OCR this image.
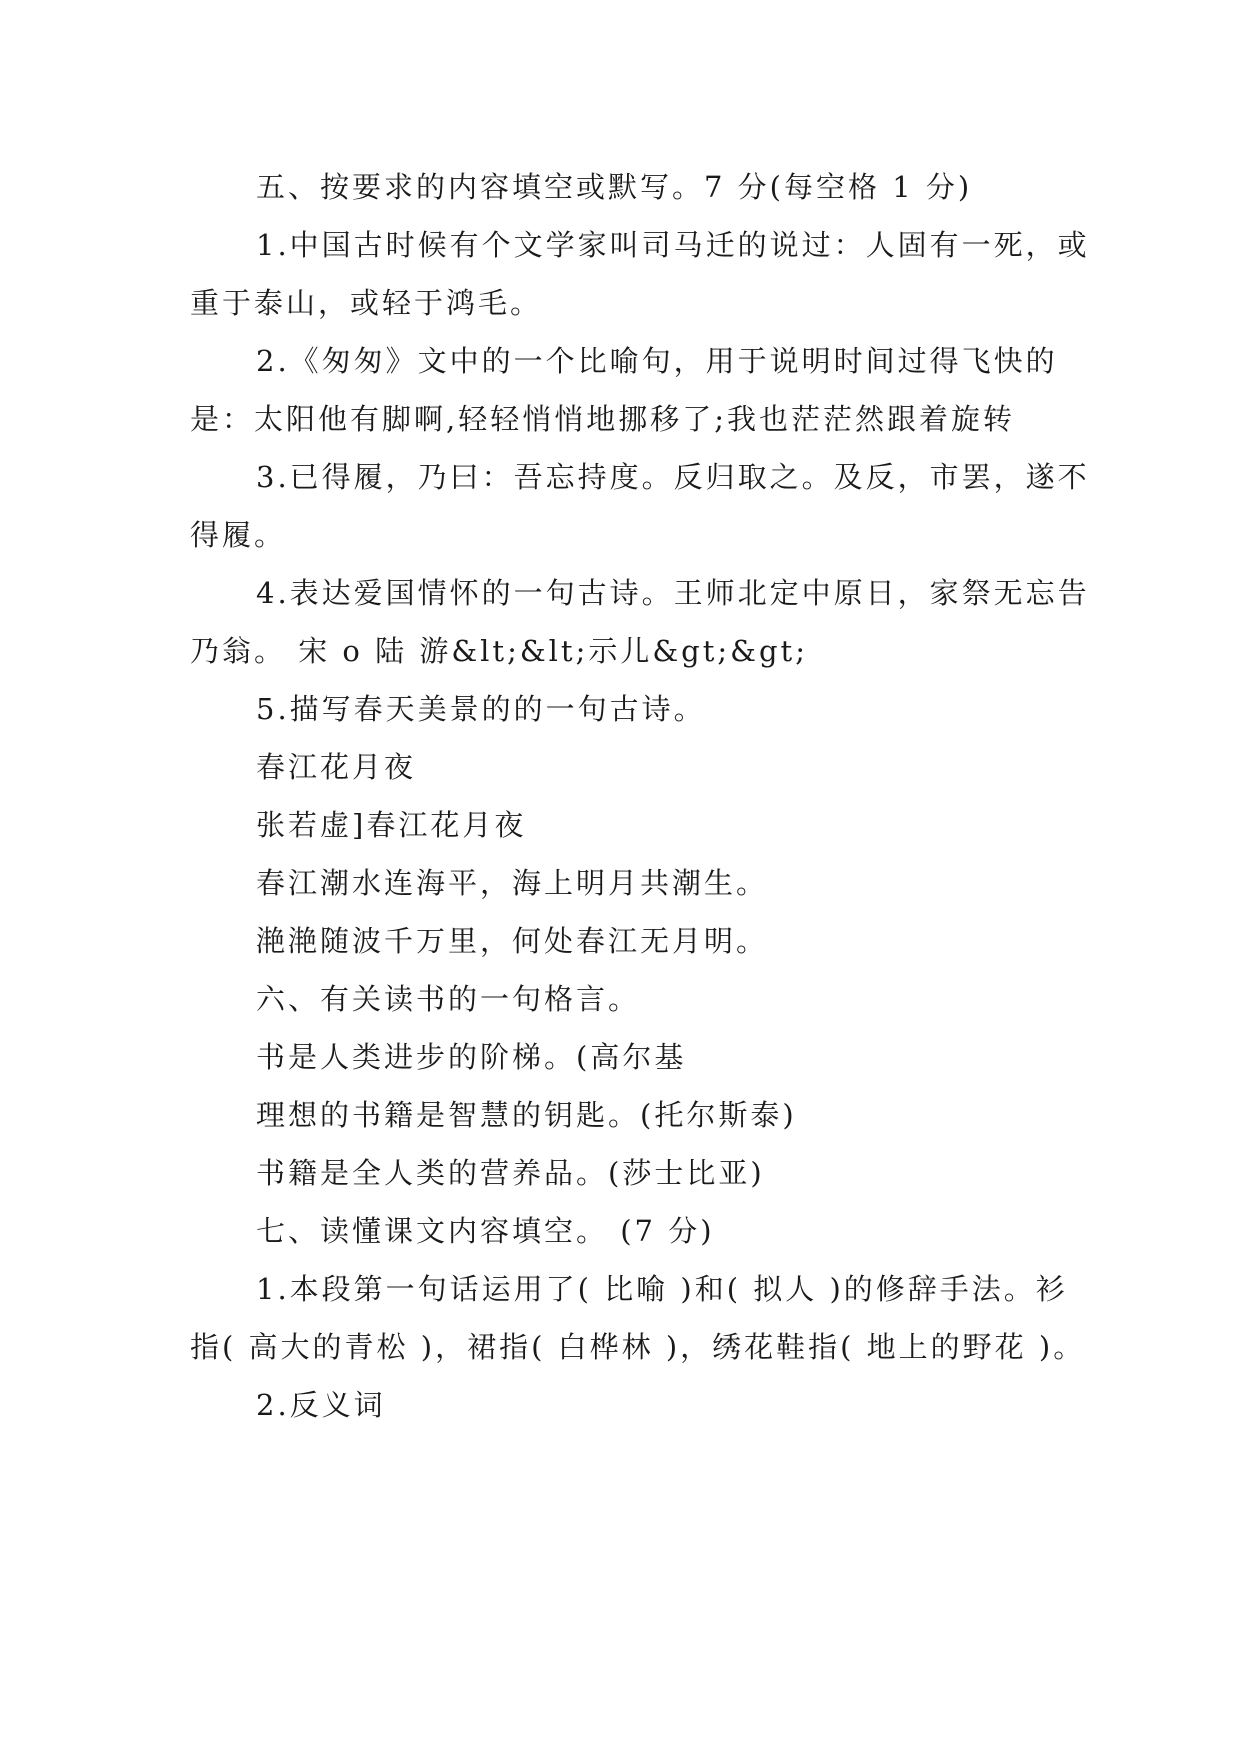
五、按要求的内容填空或默写。7 分(每空格 1 分)

1.中国古时候有个文学家叫司马迁的说过：人固有一死，或重于泰山，或轻于鸿毛。

2.《匆匆》文中的一个比喻句，用于说明时间过得飞快的是：太阳他有脚啊,轻轻悄悄地挪移了;我也茫茫然跟着旋转

3.已得履，乃曰：吾忘持度。反归取之。及反，市罢，遂不得履。

4.表达爱国情怀的一句古诗。王师北定中原日，家祭无忘告乃翁。 宋 o 陆 游&lt;&lt;示儿&gt;&gt;

5.描写春天美景的的一句古诗。

春江花月夜

张若虚]春江花月夜

春江潮水连海平，海上明月共潮生。

滟滟随波千万里，何处春江无月明。

六、有关读书的一句格言。

书是人类进步的阶梯。(高尔基

理想的书籍是智慧的钥匙。(托尔斯泰)

书籍是全人类的营养品。(莎士比亚)

七、读懂课文内容填空。 (7 分)

1.本段第一句话运用了( 比喻 )和( 拟人 )的修辞手法。衫指( 高大的青松 )，裙指( 白桦林 )，绣花鞋指( 地上的野花 )。

2.反义词
